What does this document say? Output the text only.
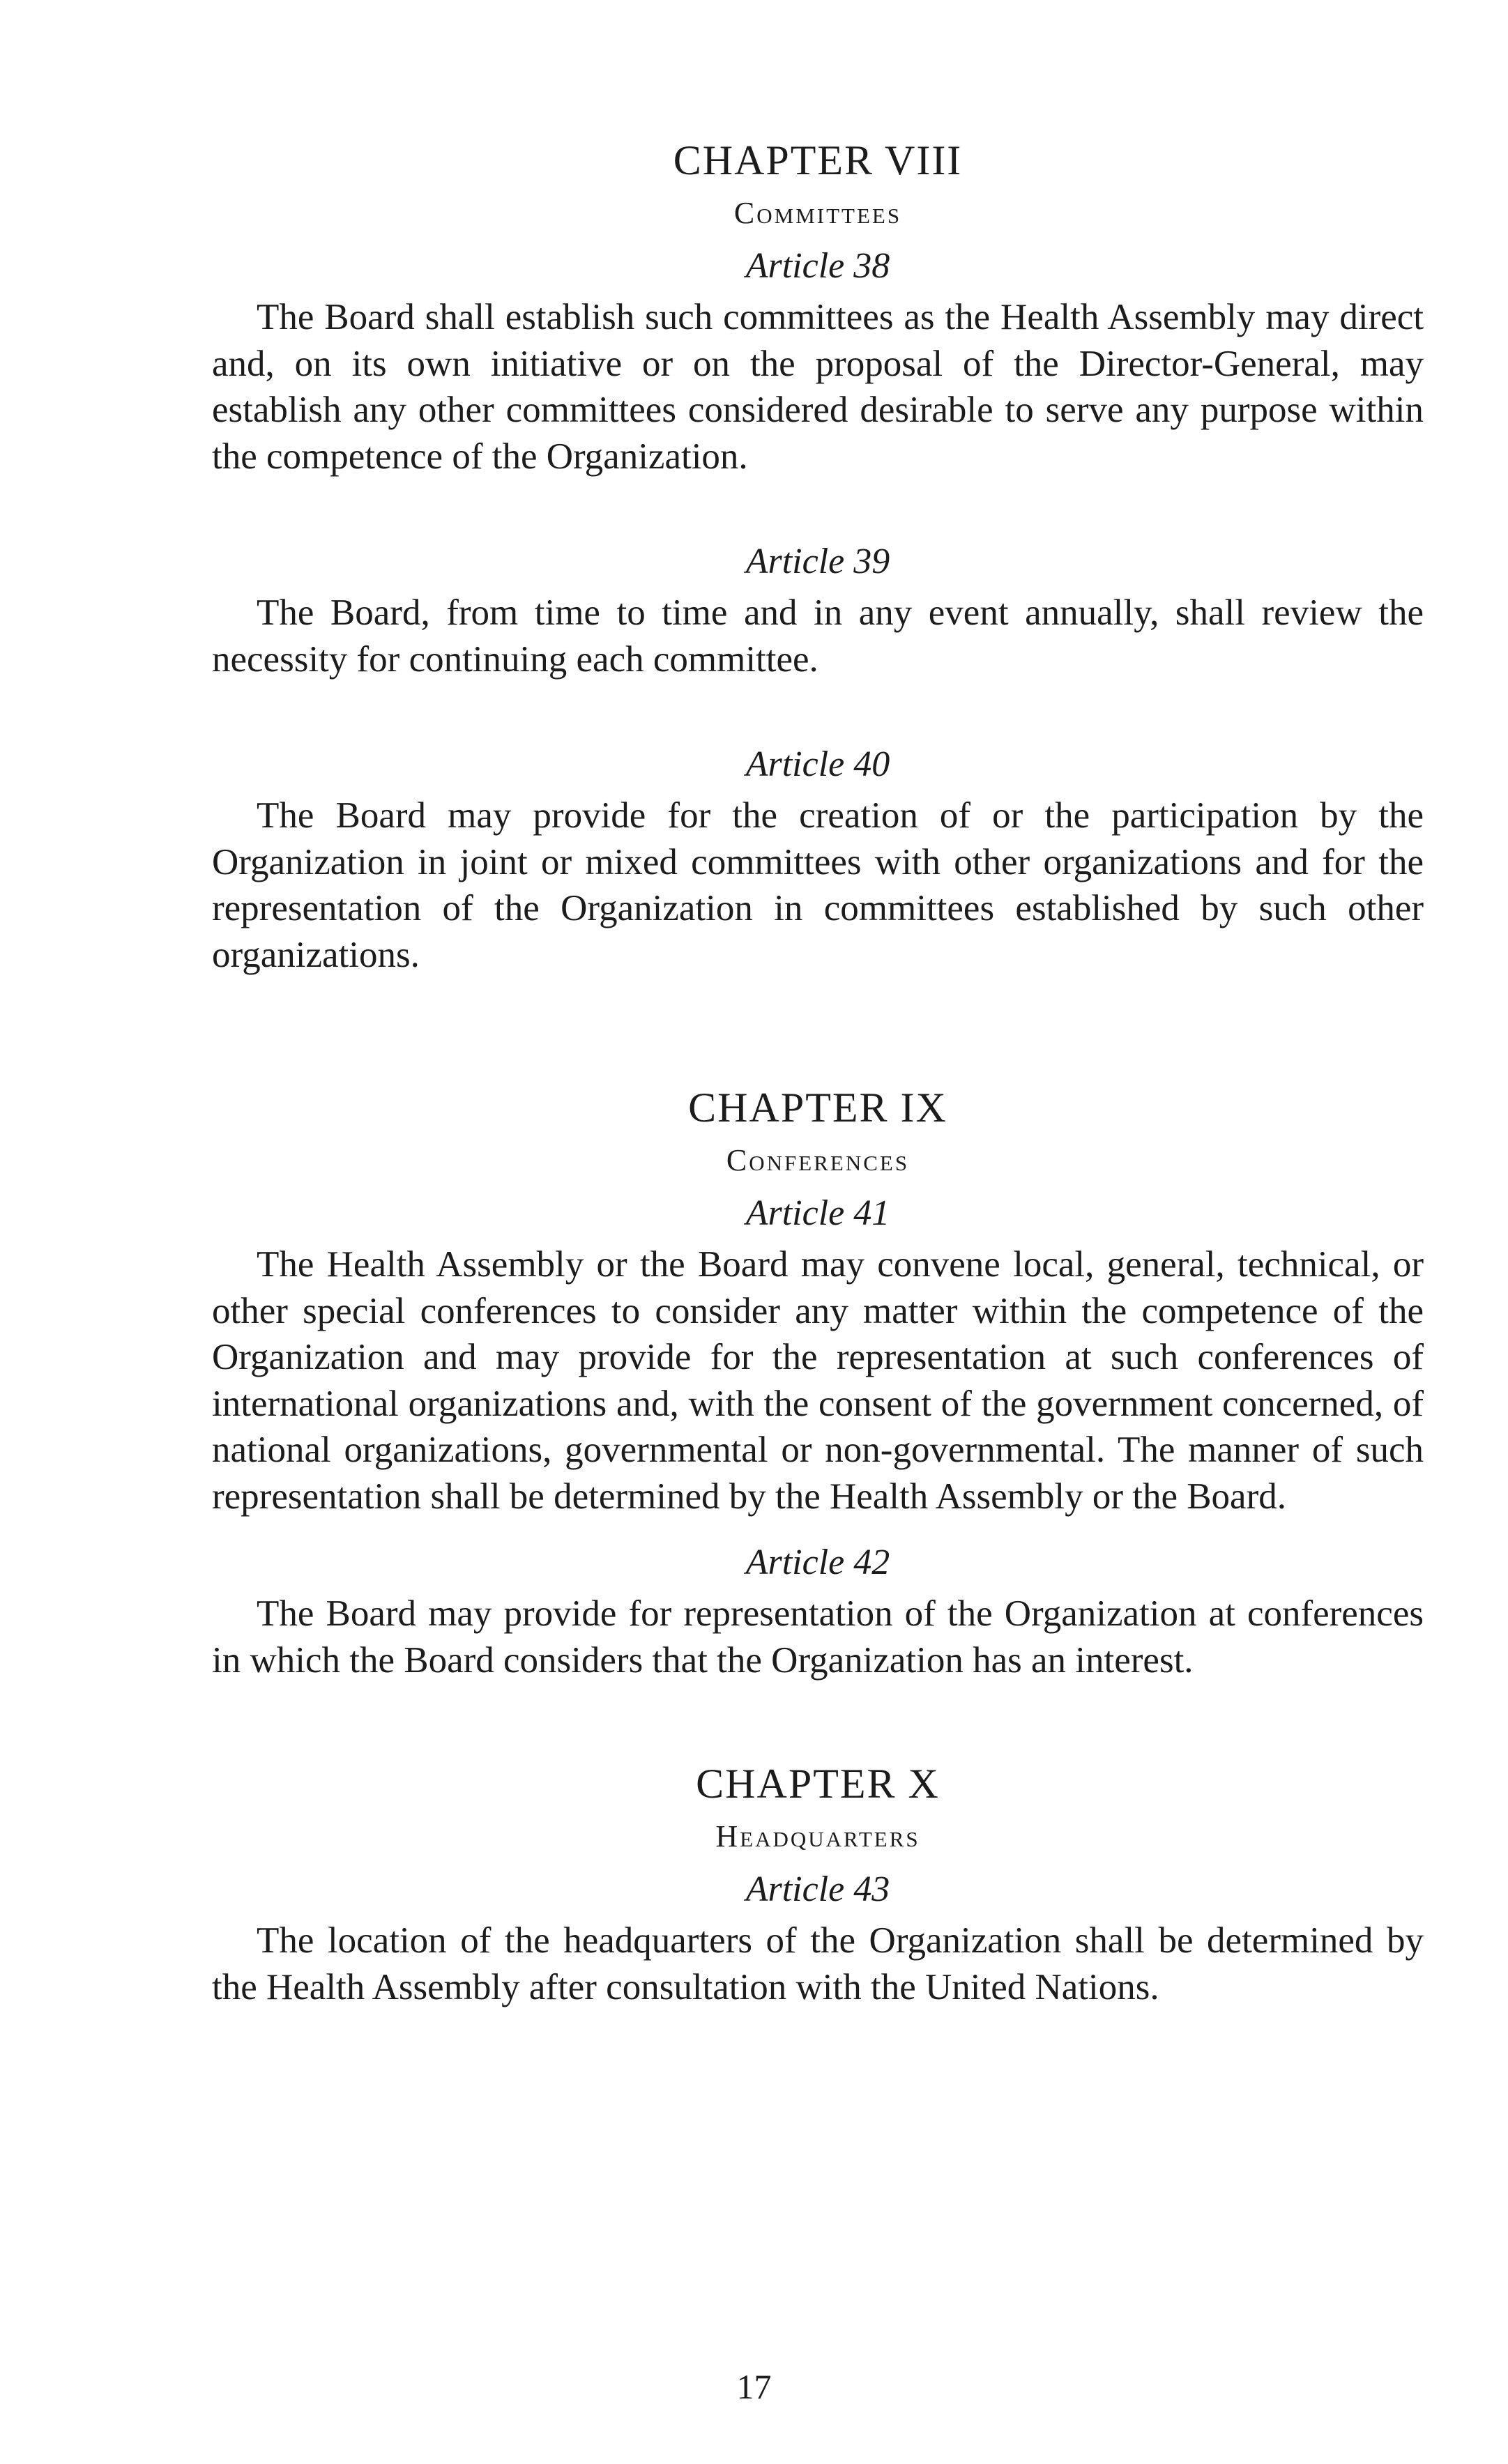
CHAPTER VIII
Committees
Article 38

The Board shall establish such committees as the Health Assembly may direct and, on its own initiative or on the proposal of the Director-General, may establish any other committees considered desirable to serve any purpose within the competence of the Organization.

Article 39

The Board, from time to time and in any event annually, shall review the necessity for continuing each committee.

Article 40

The Board may provide for the creation of or the participation by the Organization in joint or mixed committees with other organizations and for the representation of the Organization in committees established by such other organizations.

CHAPTER IX
Conferences
Article 41

The Health Assembly or the Board may convene local, general, technical, or other special conferences to consider any matter within the competence of the Organization and may provide for the representation at such conferences of international organizations and, with the consent of the government concerned, of national organizations, governmental or non-governmental. The manner of such representation shall be determined by the Health Assembly or the Board.

Article 42

The Board may provide for representation of the Organization at conferences in which the Board considers that the Organization has an interest.

CHAPTER X
Headquarters
Article 43

The location of the headquarters of the Organization shall be determined by the Health Assembly after consultation with the United Nations.

17
